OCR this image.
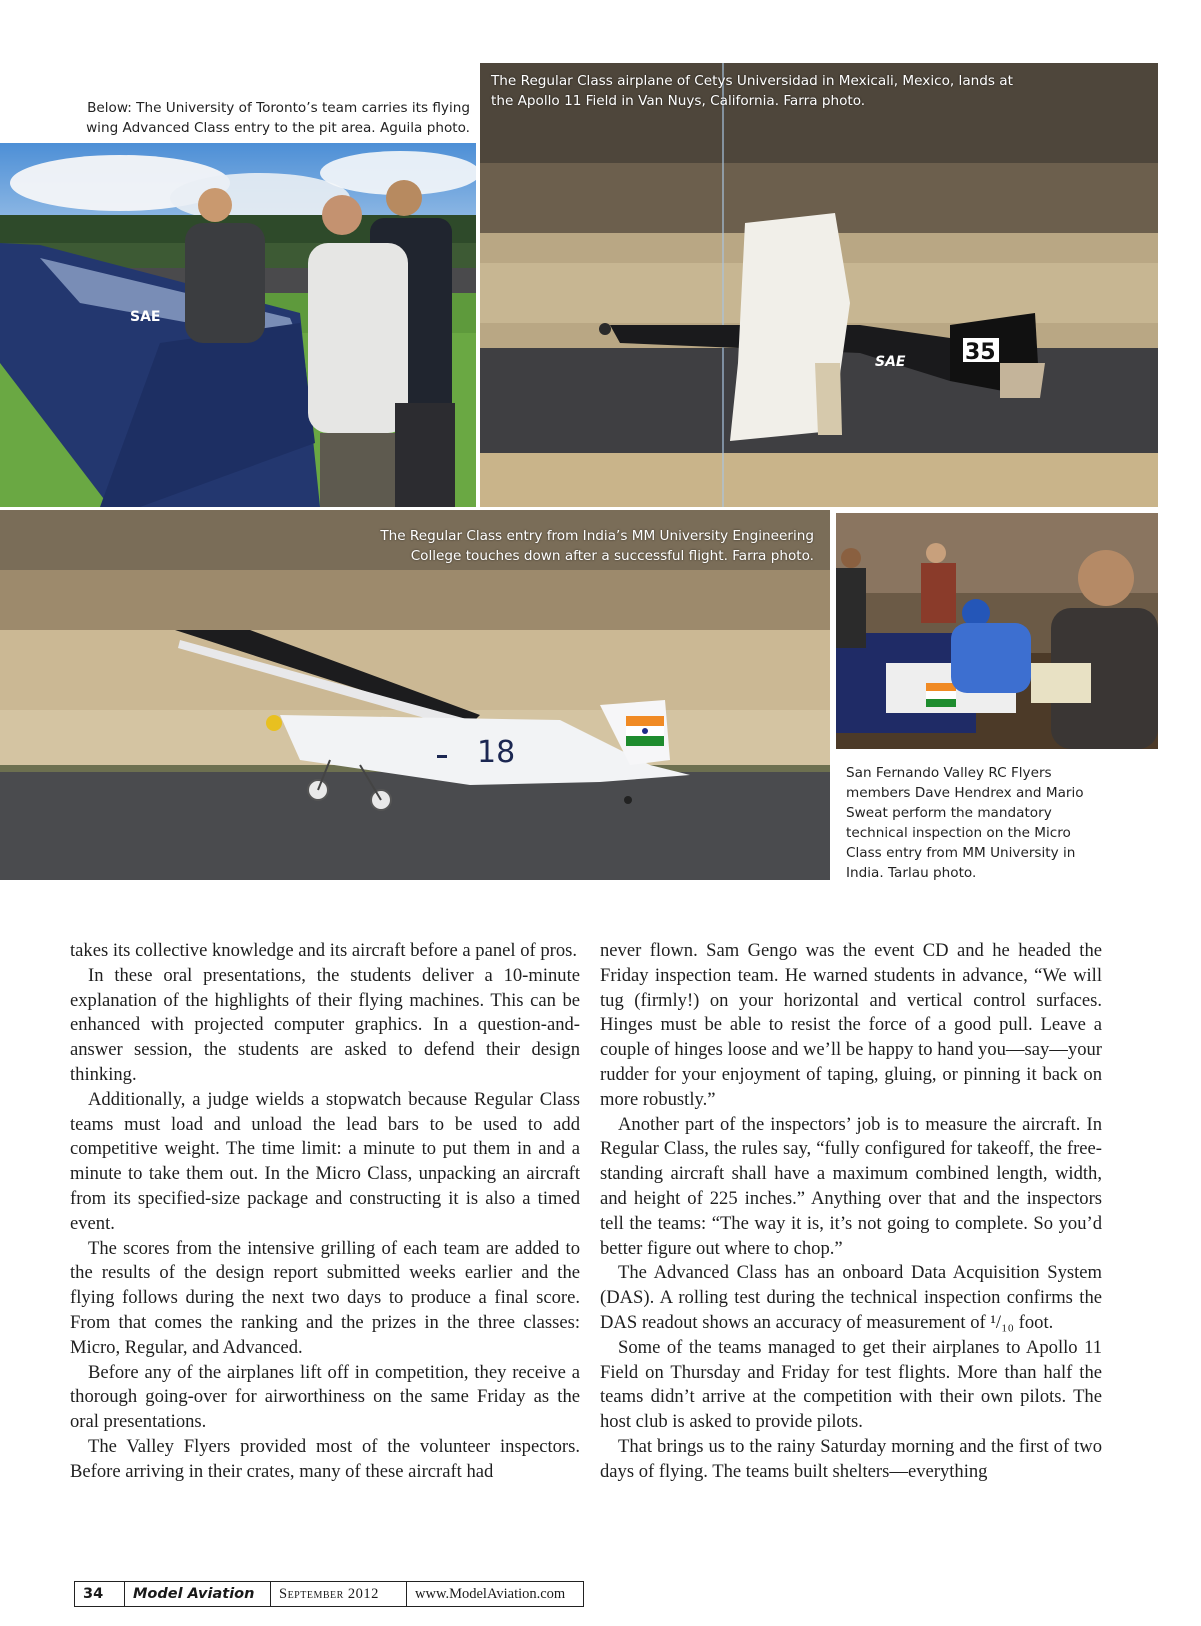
Below: The University of Toronto’s team carries its flying
wing Advanced Class entry to the pit area. Aguila photo.
SAE
35
SAE
The Regular Class airplane of Cetys Universidad in Mexicali, Mexico, lands at
the Apollo 11 Field in Van Nuys, California. Farra photo.
18
The Regular Class entry from India’s MM University Engineering
College touches down after a successful flight. Farra photo.
San Fernando Valley RC Flyers
members Dave Hendrex and Mario
Sweat perform the mandatory
technical inspection on the Micro
Class entry from MM University in
India. Tarlau photo.

takes its collective knowledge and its aircraft before a panel of pros.

In these oral presentations, the students deliver a 10-minute explanation of the highlights of their flying machines. This can be enhanced with projected computer graphics. In a question-and-answer session, the students are asked to defend their design thinking.

Additionally, a judge wields a stopwatch because Regular Class teams must load and unload the lead bars to be used to add competitive weight. The time limit: a minute to put them in and a minute to take them out. In the Micro Class, unpacking an aircraft from its specified-size package and constructing it is also a timed event.

The scores from the intensive grilling of each team are added to the results of the design report submitted weeks earlier and the flying follows during the next two days to produce a final score. From that comes the ranking and the prizes in the three classes: Micro, Regular, and Advanced.

Before any of the airplanes lift off in competition, they receive a thorough going-over for airworthiness on the same Friday as the oral presentations.

The Valley Flyers provided most of the volunteer inspectors. Before arriving in their crates, many of these aircraft had

never flown. Sam Gengo was the event CD and he headed the Friday inspection team. He warned students in advance, “We will tug (firmly!) on your horizontal and vertical control surfaces. Hinges must be able to resist the force of a good pull. Leave a couple of hinges loose and we’ll be happy to hand you—say—your rudder for your enjoyment of taping, gluing, or pinning it back on more robustly.”

Another part of the inspectors’ job is to measure the aircraft. In Regular Class, the rules say, “fully configured for takeoff, the free-standing aircraft shall have a maximum combined length, width, and height of 225 inches.” Anything over that and the inspectors tell the teams: “The way it is, it’s not going to complete. So you’d better figure out where to chop.”

The Advanced Class has an onboard Data Acquisition System (DAS). A rolling test during the technical inspection confirms the DAS readout shows an accuracy of measurement of ¹/₁₀ foot.

Some of the teams managed to get their airplanes to Apollo 11 Field on Thursday and Friday for test flights. More than half the teams didn’t arrive at the competition with their own pilots. The host club is asked to provide pilots.

That brings us to the rainy Saturday morning and the first of two days of flying. The teams built shelters—everything

34	Model Aviation	September 2012	www.ModelAviation.com
